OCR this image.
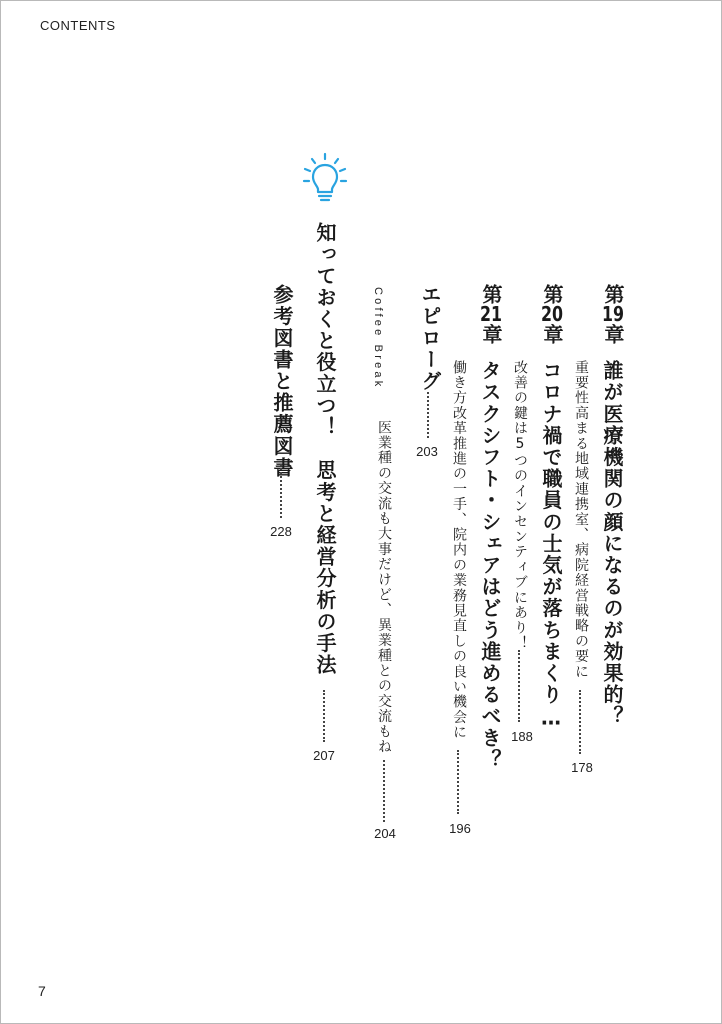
CONTENTS
第19章
誰が医療機関の顔になるのが効果的？
重要性高まる地域連携室、病院経営戦略の要に
178
第20章
コロナ禍で職員の士気が落ちまくり…
改善の鍵は5つのインセンティブにあり！
188
第21章
タスクシフト・シェアはどう進めるべき？
働き方改革推進の一手、院内の業務見直しの良い機会に
196
エピローグ
203
Coffee Break
医業種の交流も大事だけど、異業種との交流もね
204
知っておくと役立つ！　思考と経営分析の手法
207
参考図書と推薦図書
228
7
